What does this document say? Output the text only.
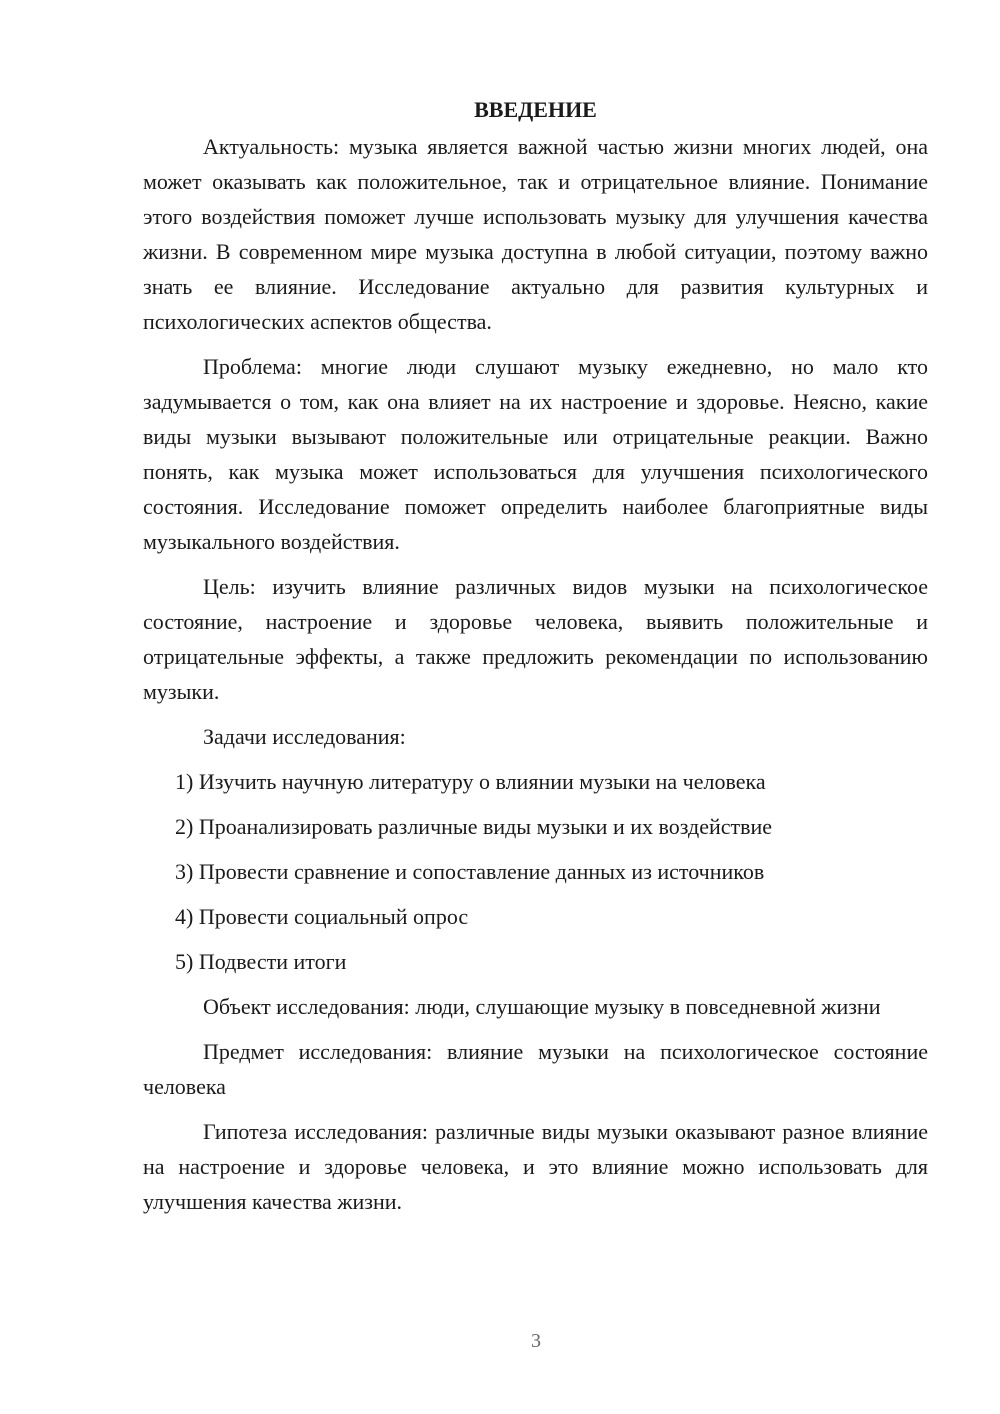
ВВЕДЕНИЕ

Актуальность: музыка является важной частью жизни многих людей, она может оказывать как положительное, так и отрицательное влияние. Понимание этого воздействия поможет лучше использовать музыку для улучшения качества жизни. В современном мире музыка доступна в любой ситуации, поэтому важно знать ее влияние. Исследование актуально для развития культурных и психологических аспектов общества.

Проблема: многие люди слушают музыку ежедневно, но мало кто задумывается о том, как она влияет на их настроение и здоровье. Неясно, какие виды музыки вызывают положительные или отрицательные реакции. Важно понять, как музыка может использоваться для улучшения психологического состояния. Исследование поможет определить наиболее благоприятные виды музыкального воздействия.

Цель: изучить влияние различных видов музыки на психологическое состояние, настроение и здоровье человека, выявить положительные и отрицательные эффекты, а также предложить рекомендации по использованию музыки.

Задачи исследования:

1) Изучить научную литературу о влиянии музыки на человека
2) Проанализировать различные виды музыки и их воздействие
3) Провести сравнение и сопоставление данных из источников
4) Провести социальный опрос
5) Подвести итоги

Объект исследования: люди, слушающие музыку в повседневной жизни

Предмет исследования: влияние музыки на психологическое состояние человека

Гипотеза исследования: различные виды музыки оказывают разное влияние на настроение и здоровье человека, и это влияние можно использовать для улучшения качества жизни.

3
